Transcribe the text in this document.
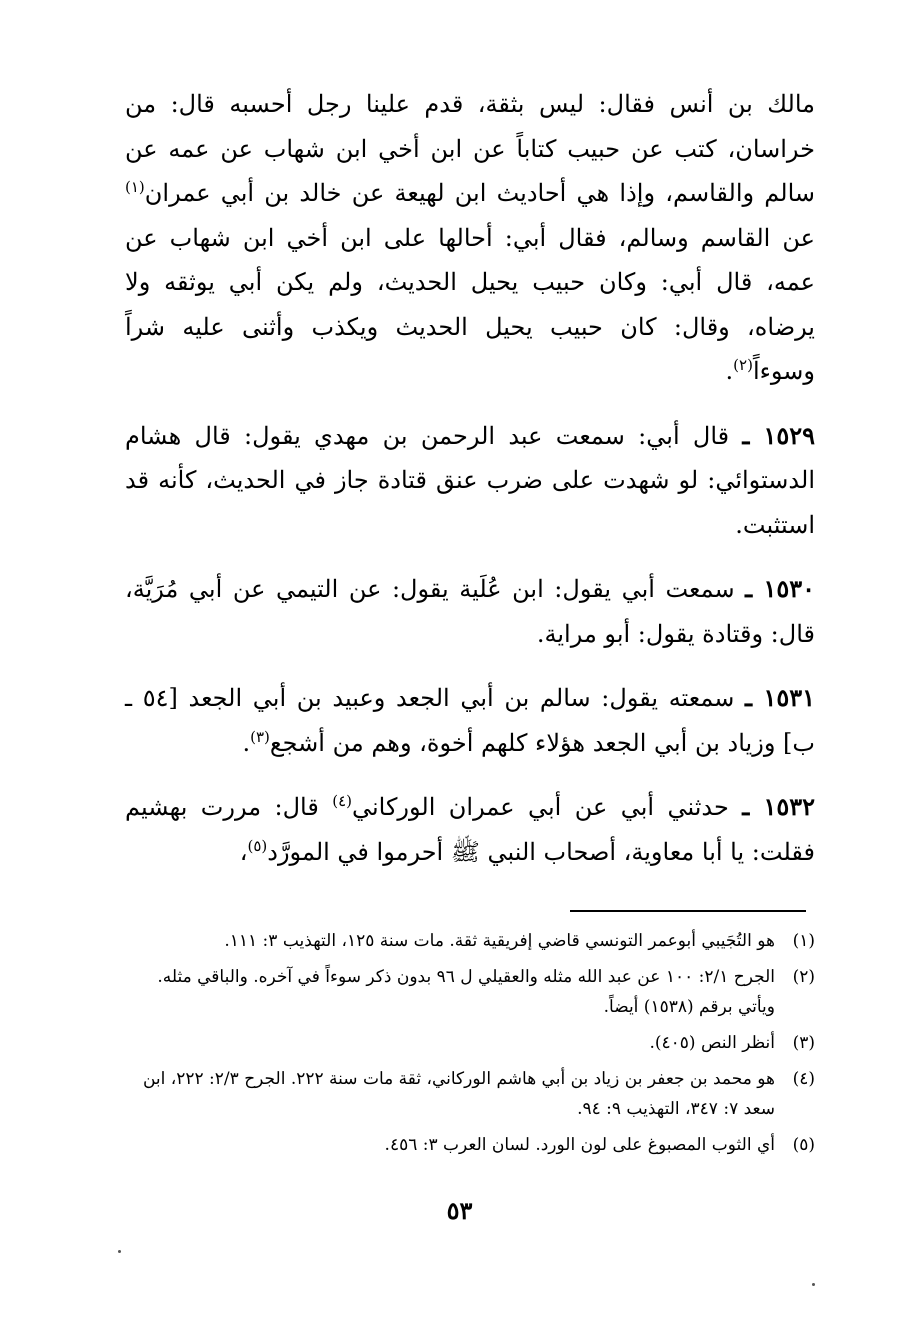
مالك بن أنس فقال: ليس بثقة، قدم علينا رجل أحسبه قال: من خراسان، كتب عن حبيب كتاباً عن ابن أخي ابن شهاب عن عمه عن سالم والقاسم، وإذا هي أحاديث ابن لهيعة عن خالد بن أبي عمران$^{(١)}$ عن القاسم وسالم، فقال أبي: أحالها على ابن أخي ابن شهاب عن عمه، قال أبي: وكان حبيب يحيل الحديث، ولم يكن أبي يوثقه ولا يرضاه، وقال: كان حبيب يحيل الحديث ويكذب وأثنى عليه شراً وسوءاً$^{(٢)}$.

١٥٢٩ ـ قال أبي: سمعت عبد الرحمن بن مهدي يقول: قال هشام الدستوائي: لو شهدت على ضرب عنق قتادة جاز في الحديث، كأنه قد استثبت.

١٥٣٠ ـ سمعت أبي يقول: ابن عُلَية يقول: عن التيمي عن أبي مُرَيَّة، قال: وقتادة يقول: أبو مراية.

١٥٣١ ـ سمعته يقول: سالم بن أبي الجعد وعبيد بن أبي الجعد [٥٤ ـ ب] وزياد بن أبي الجعد هؤلاء كلهم أخوة، وهم من أشجع$^{(٣)}$.

١٥٣٢ ـ حدثني أبي عن أبي عمران الوركاني$^{(٤)}$ قال: مررت بهشيم فقلت: يا أبا معاوية، أصحاب النبي ﷺ أحرموا في المورَّد$^{(٥)}$،

(١)
هو التُجَيبي أبوعمر التونسي قاضي إفريقية ثقة. مات سنة ١٢٥، التهذيب ٣: ١١١.
(٢)
الجرح ٢/١: ١٠٠ عن عبد الله مثله والعقيلي ل ٩٦ بدون ذكر سوءاً في آخره. والباقي مثله. ويأتي برقم (١٥٣٨) أيضاً.
(٣)
أنظر النص (٤٠٥).
(٤)
هو محمد بن جعفر بن زياد بن أبي هاشم الوركاني، ثقة مات سنة ٢٢٢. الجرح ٢/٣: ٢٢٢، ابن سعد ٧: ٣٤٧، التهذيب ٩: ٩٤.
(٥)
أي الثوب المصبوغ على لون الورد. لسان العرب ٣: ٤٥٦.
٥٣
